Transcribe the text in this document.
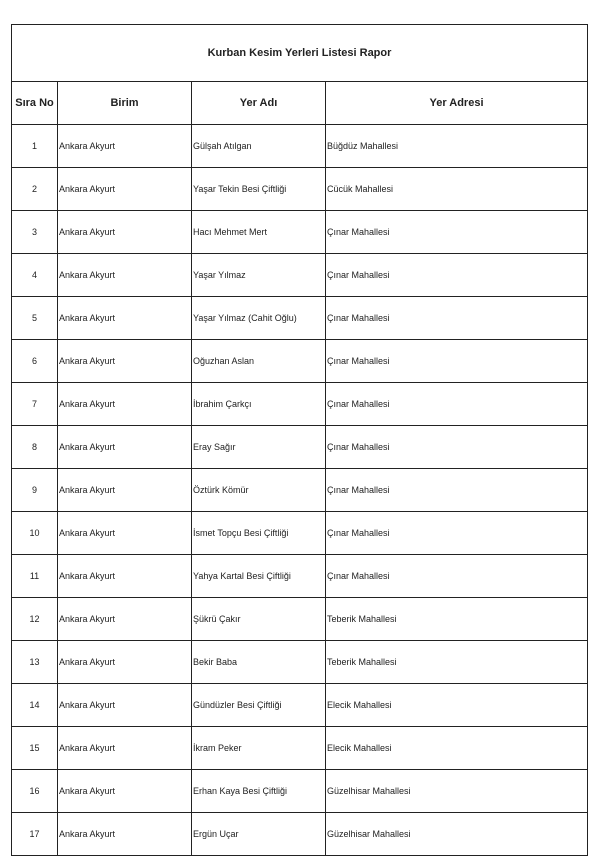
Kurban Kesim Yerleri Listesi Rapor			
Sıra No	Birim	Yer Adı	Yer Adresi
1	Ankara Akyurt	Gülşah Atılgan	Büğdüz Mahallesi
2	Ankara Akyurt	Yaşar Tekin Besi Çiftliği	Cücük Mahallesi
3	Ankara Akyurt	Hacı Mehmet Mert	Çınar Mahallesi
4	Ankara Akyurt	Yaşar Yılmaz	Çınar Mahallesi
5	Ankara Akyurt	Yaşar Yılmaz (Cahit Oğlu)	Çınar Mahallesi
6	Ankara Akyurt	Oğuzhan Aslan	Çınar Mahallesi
7	Ankara Akyurt	İbrahim Çarkçı	Çınar Mahallesi
8	Ankara Akyurt	Eray Sağır	Çınar Mahallesi
9	Ankara Akyurt	Öztürk Kömür	Çınar Mahallesi
10	Ankara Akyurt	İsmet Topçu Besi Çiftliği	Çınar Mahallesi
11	Ankara Akyurt	Yahya Kartal Besi Çiftliği	Çınar Mahallesi
12	Ankara Akyurt	Şükrü Çakır	Teberik Mahallesi
13	Ankara Akyurt	Bekir Baba	Teberik Mahallesi
14	Ankara Akyurt	Gündüzler Besi Çiftliği	Elecik Mahallesi
15	Ankara Akyurt	İkram Peker	Elecik Mahallesi
16	Ankara Akyurt	Erhan Kaya Besi Çiftliği	Güzelhisar Mahallesi
17	Ankara Akyurt	Ergün Uçar	Güzelhisar Mahallesi
